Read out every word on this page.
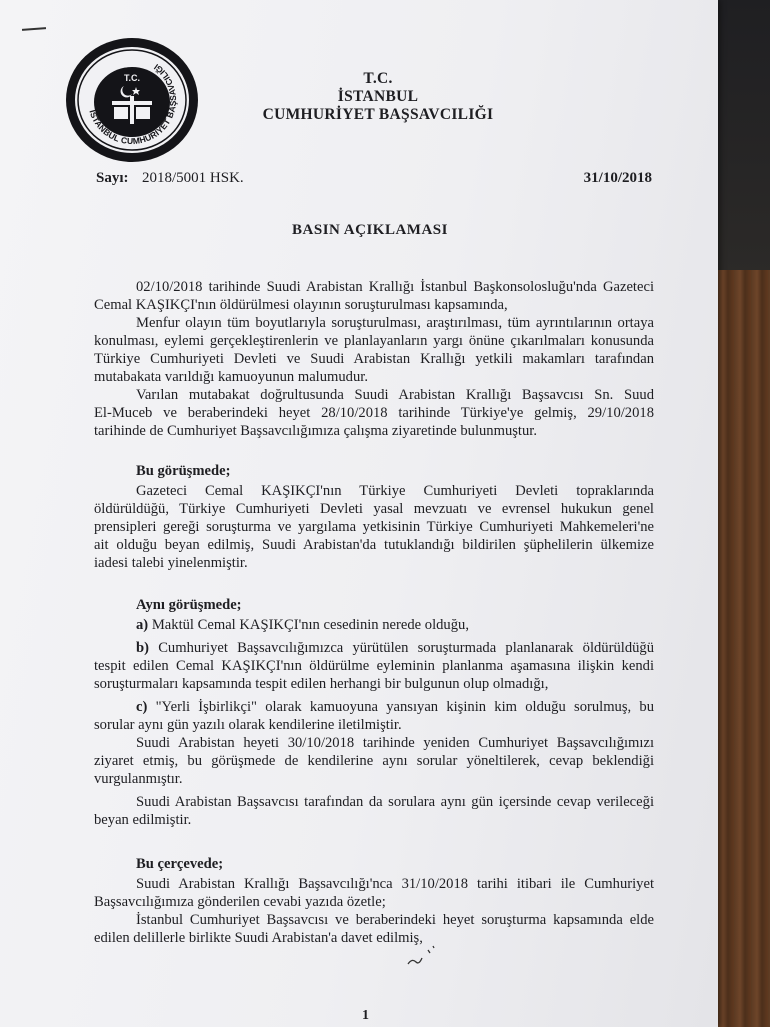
T.C.
İSTANBUL CUMHURİYET BAŞSAVCILIĞI
T.C.
İSTANBUL
CUMHURİYET BAŞSAVCILIĞI
Sayı: 2018/5001 HSK.	31/10/2018
BASIN AÇIKLAMASI

02/10/2018 tarihinde Suudi Arabistan Krallığı İstanbul Başkonsolosluğu'nda Gazeteci

Cemal KAŞIKÇI'nın öldürülmesi olayının soruşturulması kapsamında,

Menfur olayın tüm boyutlarıyla soruşturulması, araştırılması, tüm ayrıntılarının ortaya

konulması, eylemi gerçekleştirenlerin ve planlayanların yargı önüne çıkarılmaları konusunda

Türkiye Cumhuriyeti Devleti ve Suudi Arabistan Krallığı yetkili makamları tarafından

mutabakata varıldığı kamuoyunun malumudur.

Varılan mutabakat doğrultusunda Suudi Arabistan Krallığı Başsavcısı Sn. Suud

El-Muceb ve beraberindeki heyet 28/10/2018 tarihinde Türkiye'ye gelmiş, 29/10/2018

tarihinde de Cumhuriyet Başsavcılığımıza çalışma ziyaretinde bulunmuştur.

Bu görüşmede;

Gazeteci Cemal KAŞIKÇI'nın Türkiye Cumhuriyeti Devleti topraklarında

öldürüldüğü, Türkiye Cumhuriyeti Devleti yasal mevzuatı ve evrensel hukukun genel

prensipleri gereği soruşturma ve yargılama yetkisinin Türkiye Cumhuriyeti Mahkemeleri'ne

ait olduğu beyan edilmiş, Suudi Arabistan'da tutuklandığı bildirilen şüphelilerin ülkemize

iadesi talebi yinelenmiştir.

Aynı görüşmede;

a) Maktül Cemal KAŞIKÇI'nın cesedinin nerede olduğu,

b) Cumhuriyet Başsavcılığımızca yürütülen soruşturmada planlanarak öldürüldüğü

tespit edilen Cemal KAŞIKÇI'nın öldürülme eyleminin planlanma aşamasına ilişkin kendi

soruşturmaları kapsamında tespit edilen herhangi bir bulgunun olup olmadığı,

c) "Yerli İşbirlikçi" olarak kamuoyuna yansıyan kişinin kim olduğu sorulmuş, bu

sorular aynı gün yazılı olarak kendilerine iletilmiştir.

Suudi Arabistan heyeti 30/10/2018 tarihinde yeniden Cumhuriyet Başsavcılığımızı

ziyaret etmiş, bu görüşmede de kendilerine aynı sorular yöneltilerek, cevap beklendiği

vurgulanmıştır.

Suudi Arabistan Başsavcısı tarafından da sorulara aynı gün içersinde cevap verileceği

beyan edilmiştir.

Bu çerçevede;

Suudi Arabistan Krallığı Başsavcılığı'nca 31/10/2018 tarihi itibari ile Cumhuriyet

Başsavcılığımıza gönderilen cevabi yazıda özetle;

İstanbul Cumhuriyet Başsavcısı ve beraberindeki heyet soruşturma kapsamında elde

edilen delillerle birlikte Suudi Arabistan'a davet edilmiş,

1
